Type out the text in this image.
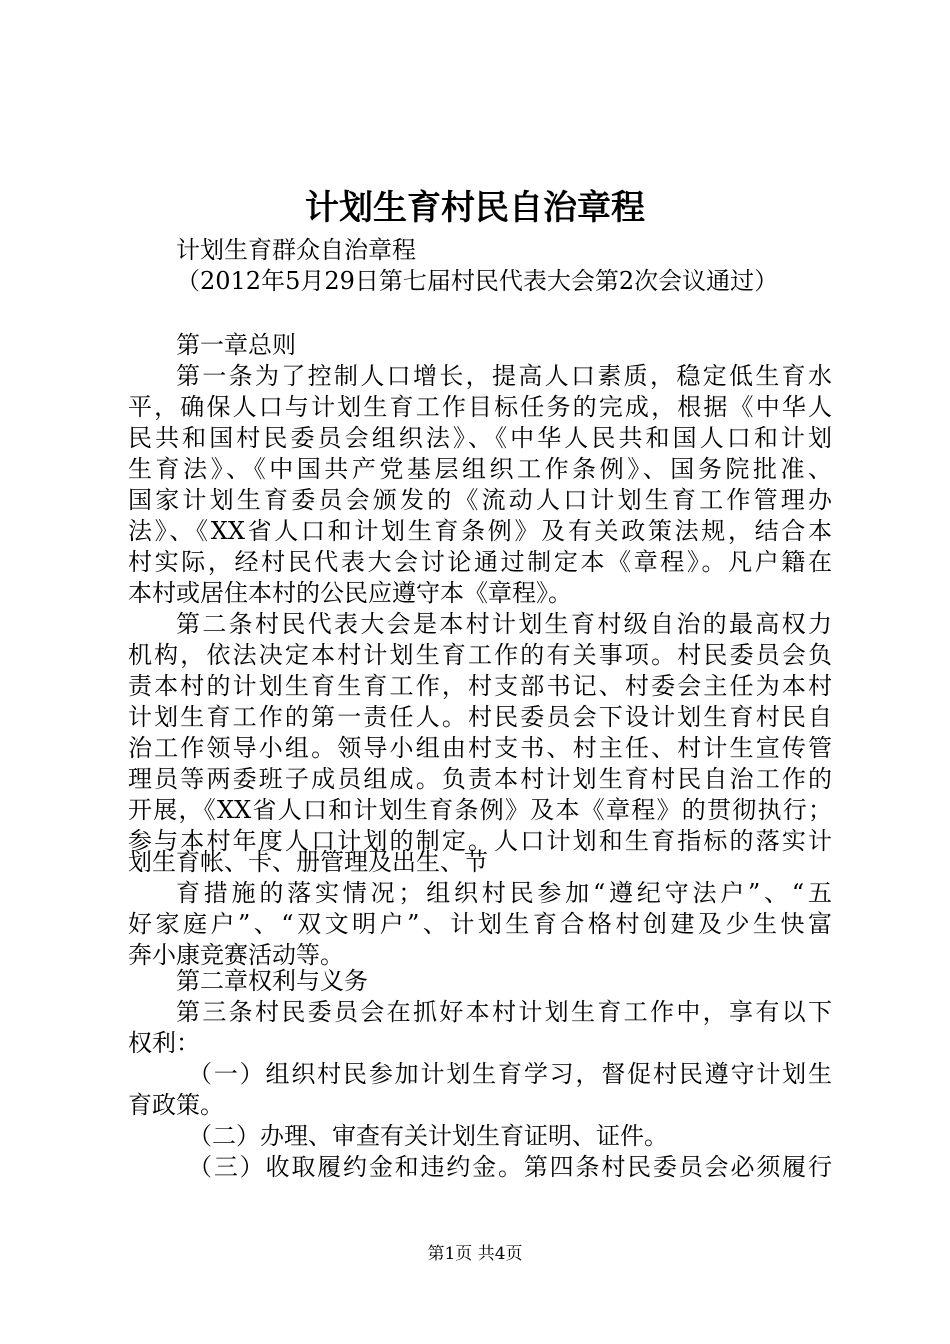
计划生育村民自治章程
计划生育群众自治章程
（2012年5月29日第七届村民代表大会第2次会议通过）
第一章总则
第一条为了控制人口增长，提高人口素质，稳定低生育水
平，确保人口与计划生育工作目标任务的完成，根据《中华人
民共和国村民委员会组织法》、《中华人民共和国人口和计划
生育法》、《中国共产党基层组织工作条例》、国务院批准、
国家计划生育委员会颁发的《流动人口计划生育工作管理办
法》、《XX省人口和计划生育条例》及有关政策法规，结合本
村实际，经村民代表大会讨论通过制定本《章程》。凡户籍在
本村或居住本村的公民应遵守本《章程》。
第二条村民代表大会是本村计划生育村级自治的最高权力
机构，依法决定本村计划生育工作的有关事项。村民委员会负
责本村的计划生育生育工作，村支部书记、村委会主任为本村
计划生育工作的第一责任人。村民委员会下设计划生育村民自
治工作领导小组。领导小组由村支书、村主任、村计生宣传管
理员等两委班子成员组成。负责本村计划生育村民自治工作的
开展，《XX省人口和计划生育条例》及本《章程》的贯彻执行；
参与本村年度人口计划的制定。人口计划和生育指标的落实计
划生育帐、卡、册管理及出生、节
育措施的落实情况；组织村民参加“遵纪守法户”、“五
好家庭户”、“双文明户”、计划生育合格村创建及少生快富
奔小康竞赛活动等。
第二章权利与义务
第三条村民委员会在抓好本村计划生育工作中，享有以下
权利：
（一）组织村民参加计划生育学习，督促村民遵守计划生
育政策。
（二）办理、审查有关计划生育证明、证件。
（三）收取履约金和违约金。第四条村民委员会必须履行
第1页 共4页
